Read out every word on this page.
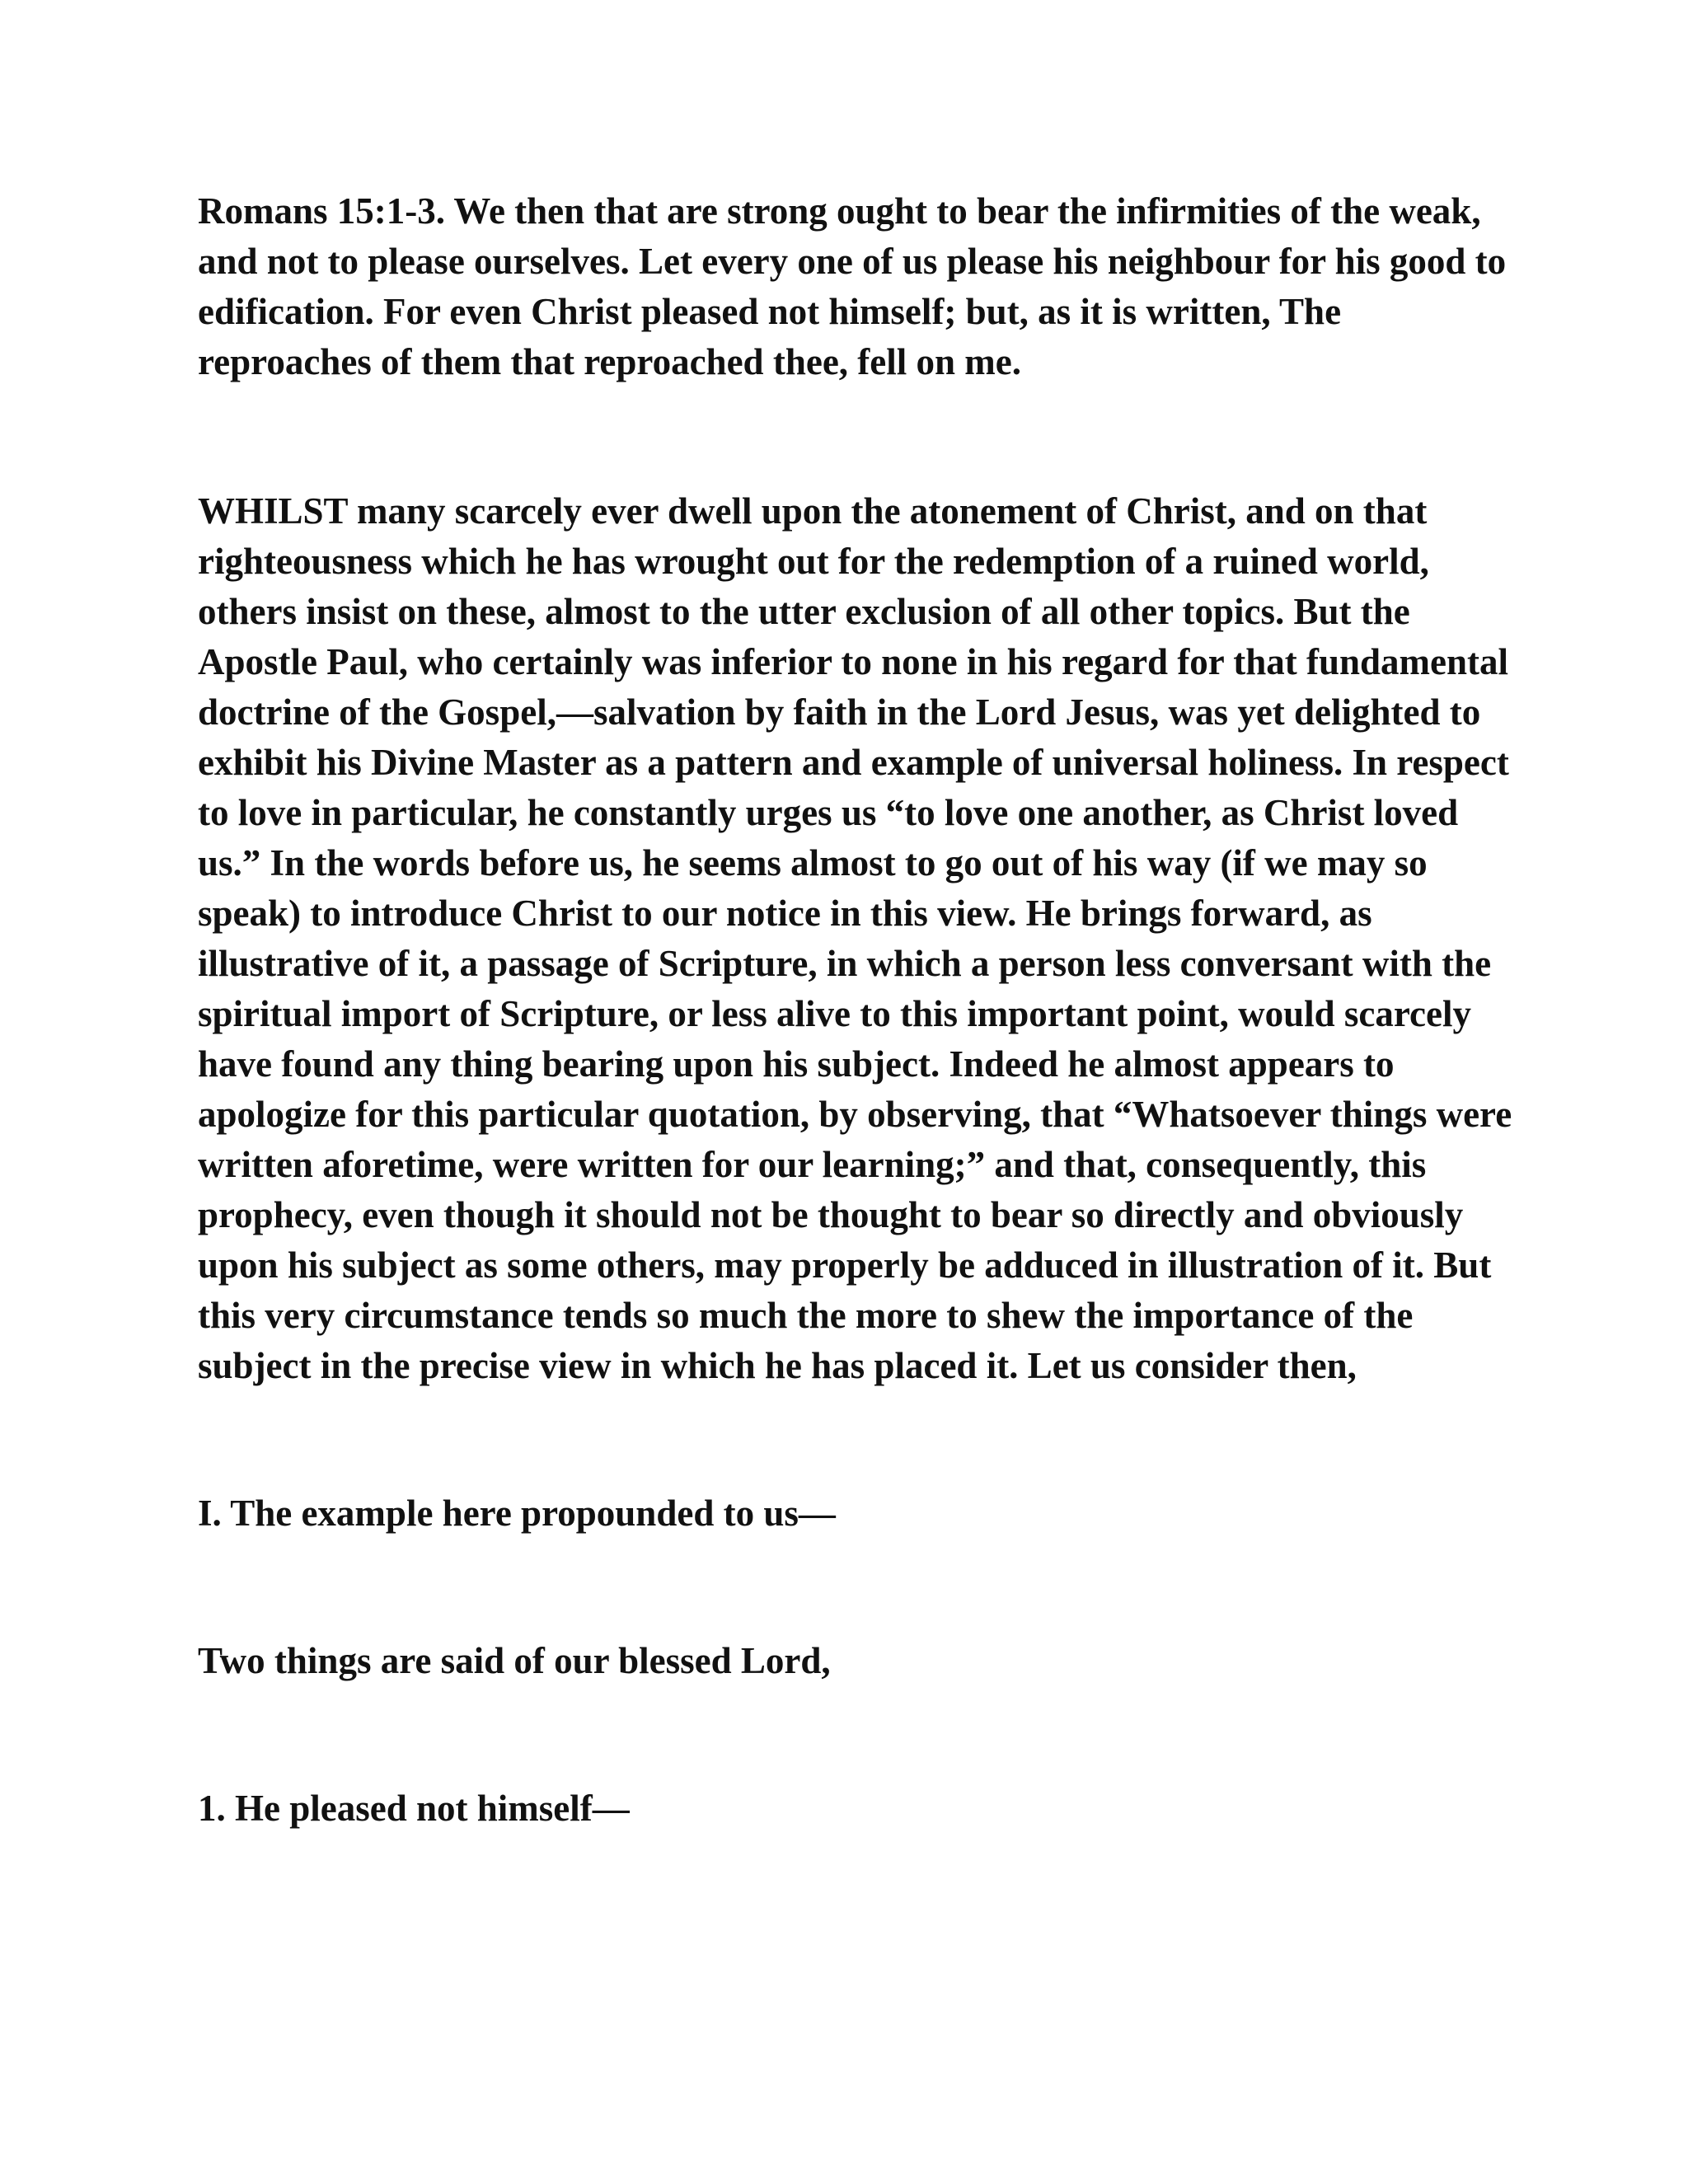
Romans 15:1-3. We then that are strong ought to bear the infirmities of the weak, and not to please ourselves. Let every one of us please his neighbour for his good to edification. For even Christ pleased not himself; but, as it is written, The reproaches of them that reproached thee, fell on me.

WHILST many scarcely ever dwell upon the atonement of Christ, and on that righteousness which he has wrought out for the redemption of a ruined world, others insist on these, almost to the utter exclusion of all other topics. But the Apostle Paul, who certainly was inferior to none in his regard for that fundamental doctrine of the Gospel,—salvation by faith in the Lord Jesus, was yet delighted to exhibit his Divine Master as a pattern and example of universal holiness. In respect to love in particular, he constantly urges us “to love one another, as Christ loved us.” In the words before us, he seems almost to go out of his way (if we may so speak) to introduce Christ to our notice in this view. He brings forward, as illustrative of it, a passage of Scripture, in which a person less conversant with the spiritual import of Scripture, or less alive to this important point, would scarcely have found any thing bearing upon his subject. Indeed he almost appears to apologize for this particular quotation, by observing, that “Whatsoever things were written aforetime, were written for our learning;” and that, consequently, this prophecy, even though it should not be thought to bear so directly and obviously upon his subject as some others, may properly be adduced in illustration of it. But this very circumstance tends so much the more to shew the importance of the subject in the precise view in which he has placed it. Let us consider then,

I. The example here propounded to us—

Two things are said of our blessed Lord,

1. He pleased not himself—
